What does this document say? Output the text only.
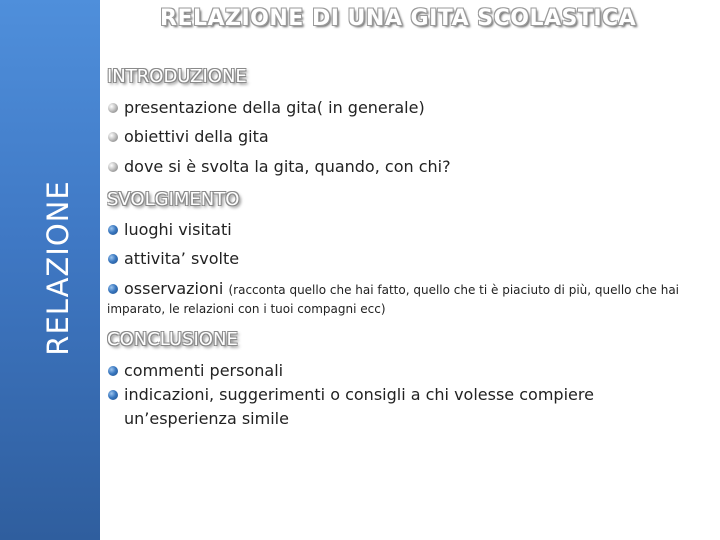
RELAZIONE
RELAZIONE DI UNA GITA SCOLASTICA
INTRODUZIONE
presentazione della gita( in generale)
obiettivi della gita
dove si è svolta la gita, quando, con chi?
SVOLGIMENTO
luoghi visitati
attivita’ svolte
osservazioni (racconta quello che hai fatto, quello che ti è piaciuto di più, quello che hai
imparato, le relazioni con i tuoi compagni ecc)
CONCLUSIONE
commenti personali
indicazioni, suggerimenti o consigli a chi volesse compiere
un’esperienza simile
